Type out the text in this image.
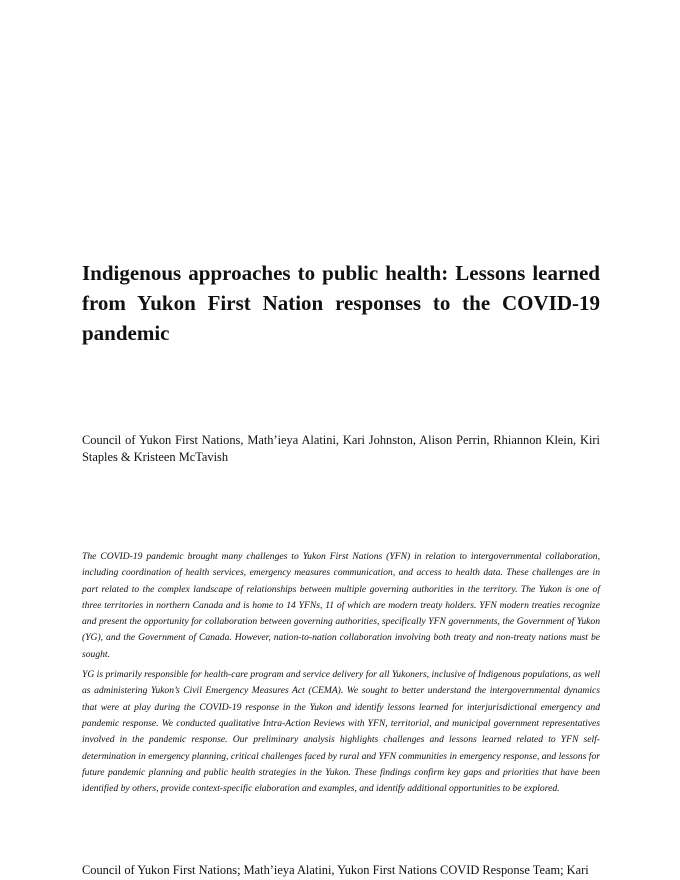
Indigenous approaches to public health: Lessons learned from Yukon First Nation responses to the COVID-19 pandemic

Council of Yukon First Nations, Math’ieya Alatini, Kari Johnston, Alison Perrin, Rhiannon Klein, Kiri Staples & Kristeen McTavish

The COVID-19 pandemic brought many challenges to Yukon First Nations (YFN) in relation to intergovernmental collaboration, including coordination of health services, emergency measures communication, and access to health data. These challenges are in part related to the complex landscape of relationships between multiple governing authorities in the territory. The Yukon is one of three territories in northern Canada and is home to 14 YFNs, 11 of which are modern treaty holders. YFN modern treaties recognize and present the opportunity for collaboration between governing authorities, specifically YFN governments, the Government of Yukon (YG), and the Government of Canada. However, nation-to-nation collaboration involving both treaty and non-treaty nations must be sought.

YG is primarily responsible for health-care program and service delivery for all Yukoners, inclusive of Indigenous populations, as well as administering Yukon’s Civil Emergency Measures Act (CEMA). We sought to better understand the intergovernmental dynamics that were at play during the COVID-19 response in the Yukon and identify lessons learned for interjurisdictional emergency and pandemic response. We conducted qualitative Intra-Action Reviews with YFN, territorial, and municipal government representatives involved in the pandemic response. Our preliminary analysis highlights challenges and lessons learned related to YFN self-determination in emergency planning, critical challenges faced by rural and YFN communities in emergency response, and lessons for future pandemic planning and public health strategies in the Yukon. These findings confirm key gaps and priorities that have been identified by others, provide context-specific elaboration and examples, and identify additional opportunities to be explored.

Council of Yukon First Nations; Math’ieya Alatini, Yukon First Nations COVID Response Team; Kari
